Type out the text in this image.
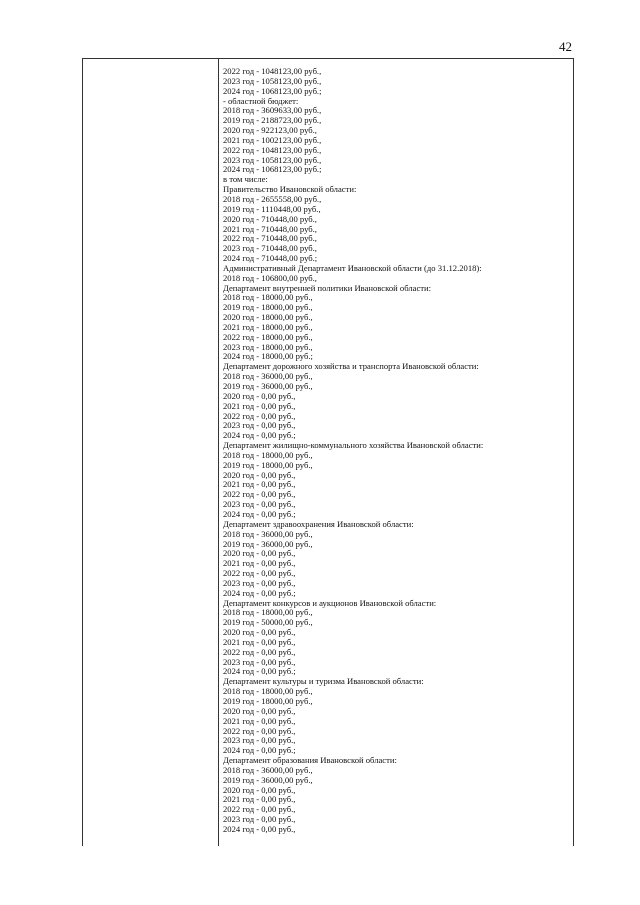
42
2022 год - 1048123,00 руб.,
2023 год - 1058123,00 руб.,
2024 год - 1068123,00 руб.;
- областной бюджет:
2018 год - 3609633,00 руб.,
2019 год - 2188723,00 руб.,
2020 год - 922123,00 руб.,
2021 год - 1002123,00 руб.,
2022 год - 1048123,00 руб.,
2023 год - 1058123,00 руб.,
2024 год - 1068123,00 руб.;
в том числе:
Правительство Ивановской области:
2018 год - 2655558,00 руб.,
2019 год - 1110448,00 руб.,
2020 год - 710448,00 руб.,
2021 год - 710448,00 руб.,
2022 год - 710448,00 руб.,
2023 год - 710448,00 руб.,
2024 год - 710448,00 руб.;
Административный Департамент Ивановской области (до 31.12.2018):
2018 год - 106800,00 руб.,
Департамент внутренней политики Ивановской области:
2018 год - 18000,00 руб.,
2019 год - 18000,00 руб.,
2020 год - 18000,00 руб.,
2021 год - 18000,00 руб.,
2022 год - 18000,00 руб.,
2023 год - 18000,00 руб.,
2024 год - 18000,00 руб.;
Департамент дорожного хозяйства и транспорта Ивановской области:
2018 год - 36000,00 руб.,
2019 год - 36000,00 руб.,
2020 год - 0,00 руб.,
2021 год - 0,00 руб.,
2022 год - 0,00 руб.,
2023 год - 0,00 руб.,
2024 год - 0,00 руб.;
Департамент жилищно-коммунального хозяйства Ивановской области:
2018 год - 18000,00 руб.,
2019 год - 18000,00 руб.,
2020 год - 0,00 руб.,
2021 год - 0,00 руб.,
2022 год - 0,00 руб.,
2023 год - 0,00 руб.,
2024 год - 0,00 руб.;
Департамент здравоохранения Ивановской области:
2018 год - 36000,00 руб.,
2019 год - 36000,00 руб.,
2020 год - 0,00 руб.,
2021 год - 0,00 руб.,
2022 год - 0,00 руб.,
2023 год - 0,00 руб.,
2024 год - 0,00 руб.;
Департамент конкурсов и аукционов Ивановской области:
2018 год - 18000,00 руб.,
2019 год - 50000,00 руб.,
2020 год - 0,00 руб.,
2021 год - 0,00 руб.,
2022 год - 0,00 руб.,
2023 год - 0,00 руб.,
2024 год - 0,00 руб.;
Департамент культуры и туризма Ивановской области:
2018 год - 18000,00 руб.,
2019 год - 18000,00 руб.,
2020 год - 0,00 руб.,
2021 год - 0,00 руб.,
2022 год - 0,00 руб.,
2023 год - 0,00 руб.,
2024 год - 0,00 руб.;
Департамент образования Ивановской области:
2018 год - 36000,00 руб.,
2019 год - 36000,00 руб.,
2020 год - 0,00 руб.,
2021 год - 0,00 руб.,
2022 год - 0,00 руб.,
2023 год - 0,00 руб.,
2024 год - 0,00 руб.,
